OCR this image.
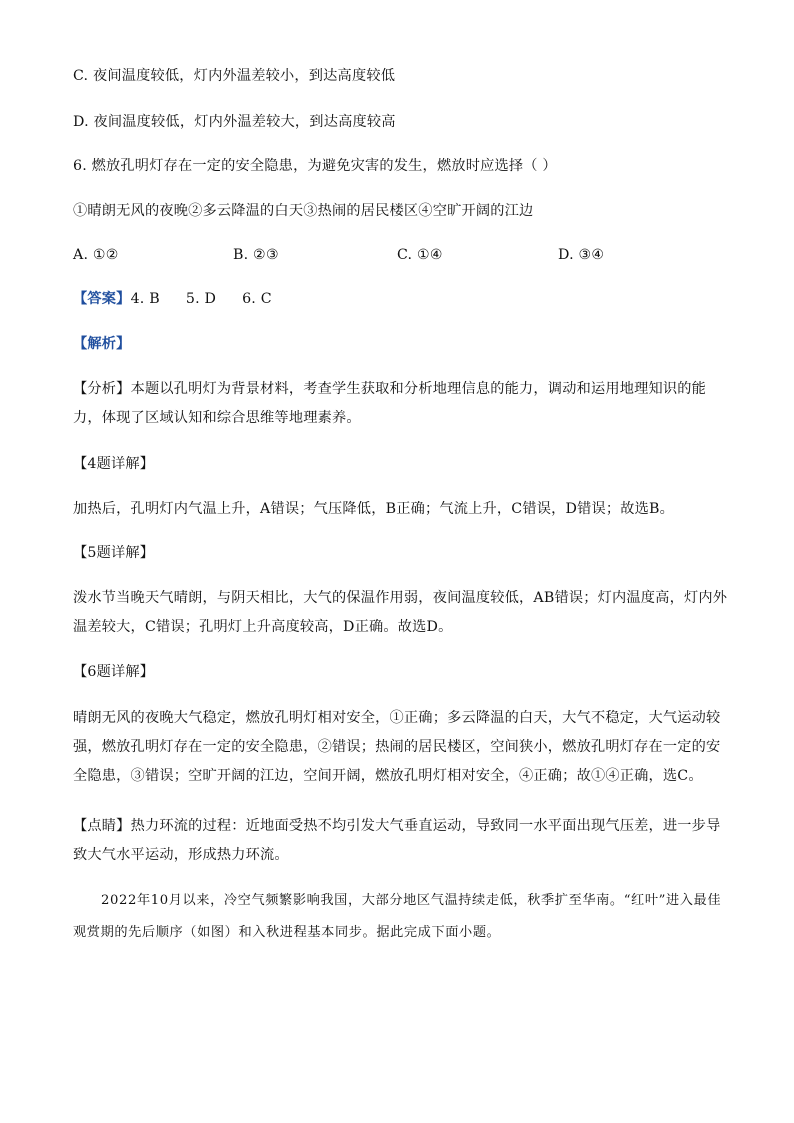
C. 夜间温度较低，灯内外温差较小，到达高度较低
D. 夜间温度较低，灯内外温差较大，到达高度较高
6. 燃放孔明灯存在一定的安全隐患，为避免灾害的发生，燃放时应选择（ ）
①晴朗无风的夜晚②多云降温的白天③热闹的居民楼区④空旷开阔的江边
A. ①②	B. ②③	C. ①④	D. ③④
【答案】4. B 5. D 6. C
【解析】
【分析】本题以孔明灯为背景材料，考查学生获取和分析地理信息的能力，调动和运用地理知识的能力，体现了区域认知和综合思维等地理素养。
【4题详解】
加热后，孔明灯内气温上升，A错误；气压降低，B正确；气流上升，C错误，D错误；故选B。
【5题详解】
泼水节当晚天气晴朗，与阴天相比，大气的保温作用弱，夜间温度较低，AB错误；灯内温度高，灯内外温差较大，C错误；孔明灯上升高度较高，D正确。故选D。
【6题详解】
晴朗无风的夜晚大气稳定，燃放孔明灯相对安全，①正确；多云降温的白天，大气不稳定，大气运动较强，燃放孔明灯存在一定的安全隐患，②错误；热闹的居民楼区，空间狭小，燃放孔明灯存在一定的安全隐患，③错误；空旷开阔的江边，空间开阔，燃放孔明灯相对安全，④正确；故①④正确，选C。
【点睛】热力环流的过程：近地面受热不均引发大气垂直运动，导致同一水平面出现气压差，进一步导致大气水平运动，形成热力环流。
2022年10月以来，冷空气频繁影响我国，大部分地区气温持续走低，秋季扩至华南。“红叶”进入最佳观赏期的先后顺序（如图）和入秋进程基本同步。据此完成下面小题。
